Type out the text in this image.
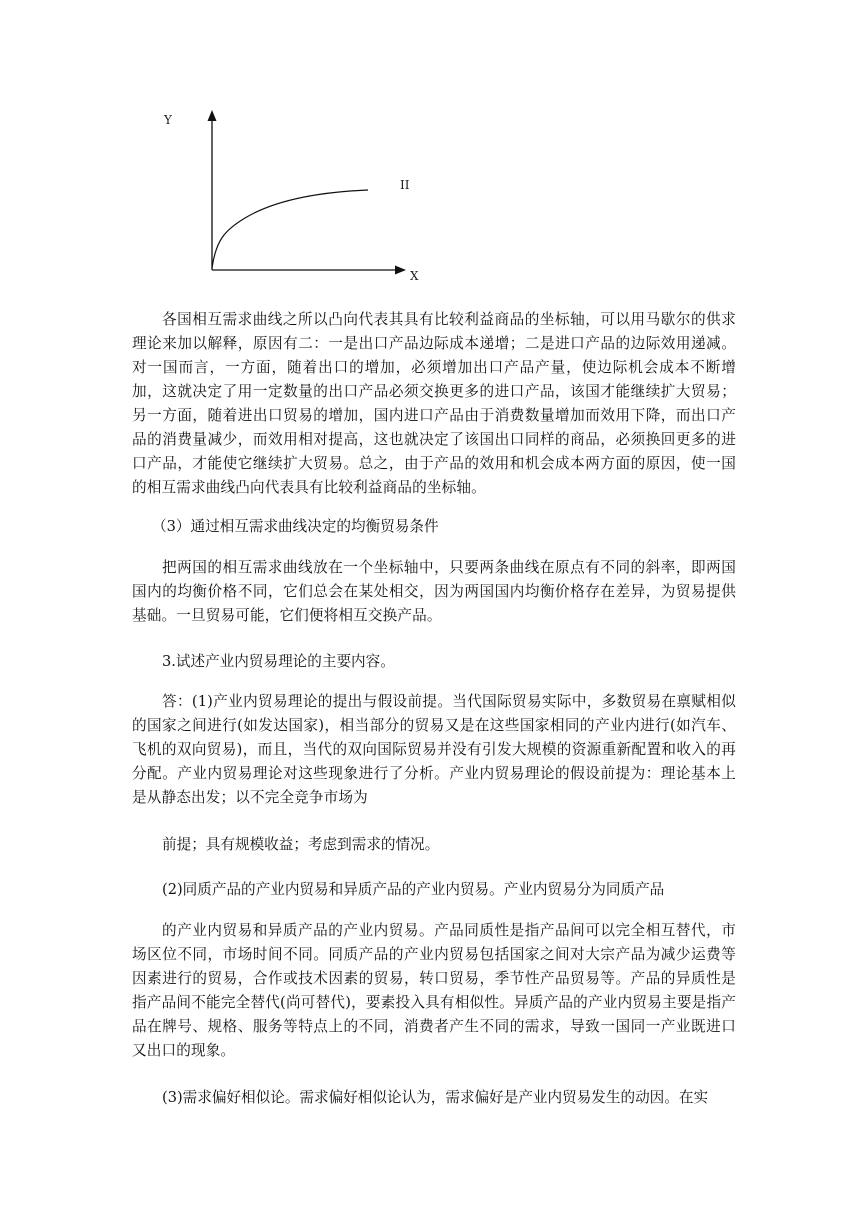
Y
X
II

各国相互需求曲线之所以凸向代表其具有比较利益商品的坐标轴，可以用马歇尔的供求理论来加以解释，原因有二：一是出口产品边际成本递增；二是进口产品的边际效用递减。对一国而言，一方面，随着出口的增加，必须增加出口产品产量，使边际机会成本不断增加，这就决定了用一定数量的出口产品必须交换更多的进口产品，该国才能继续扩大贸易；另一方面，随着进出口贸易的增加，国内进口产品由于消费数量增加而效用下降，而出口产品的消费量减少，而效用相对提高，这也就决定了该国出口同样的商品，必须换回更多的进口产品，才能使它继续扩大贸易。总之，由于产品的效用和机会成本两方面的原因，使一国的相互需求曲线凸向代表具有比较利益商品的坐标轴。

（3）通过相互需求曲线决定的均衡贸易条件

把两国的相互需求曲线放在一个坐标轴中，只要两条曲线在原点有不同的斜率，即两国国内的均衡价格不同，它们总会在某处相交，因为两国国内均衡价格存在差异，为贸易提供基础。一旦贸易可能，它们便将相互交换产品。

3.试述产业内贸易理论的主要内容。

答：(1)产业内贸易理论的提出与假设前提。当代国际贸易实际中，多数贸易在禀赋相似的国家之间进行(如发达国家)，相当部分的贸易又是在这些国家相同的产业内进行(如汽车、飞机的双向贸易)，而且，当代的双向国际贸易并没有引发大规模的资源重新配置和收入的再分配。产业内贸易理论对这些现象进行了分析。产业内贸易理论的假设前提为：理论基本上是从静态出发；以不完全竞争市场为

前提；具有规模收益；考虑到需求的情况。

(2)同质产品的产业内贸易和异质产品的产业内贸易。产业内贸易分为同质产品

的产业内贸易和异质产品的产业内贸易。产品同质性是指产品间可以完全相互替代，市场区位不同，市场时间不同。同质产品的产业内贸易包括国家之间对大宗产品为减少运费等因素进行的贸易，合作或技术因素的贸易，转口贸易，季节性产品贸易等。产品的异质性是指产品间不能完全替代(尚可替代)，要素投入具有相似性。异质产品的产业内贸易主要是指产品在牌号、规格、服务等特点上的不同，消费者产生不同的需求，导致一国同一产业既进口又出口的现象。

(3)需求偏好相似论。需求偏好相似论认为，需求偏好是产业内贸易发生的动因。在实
